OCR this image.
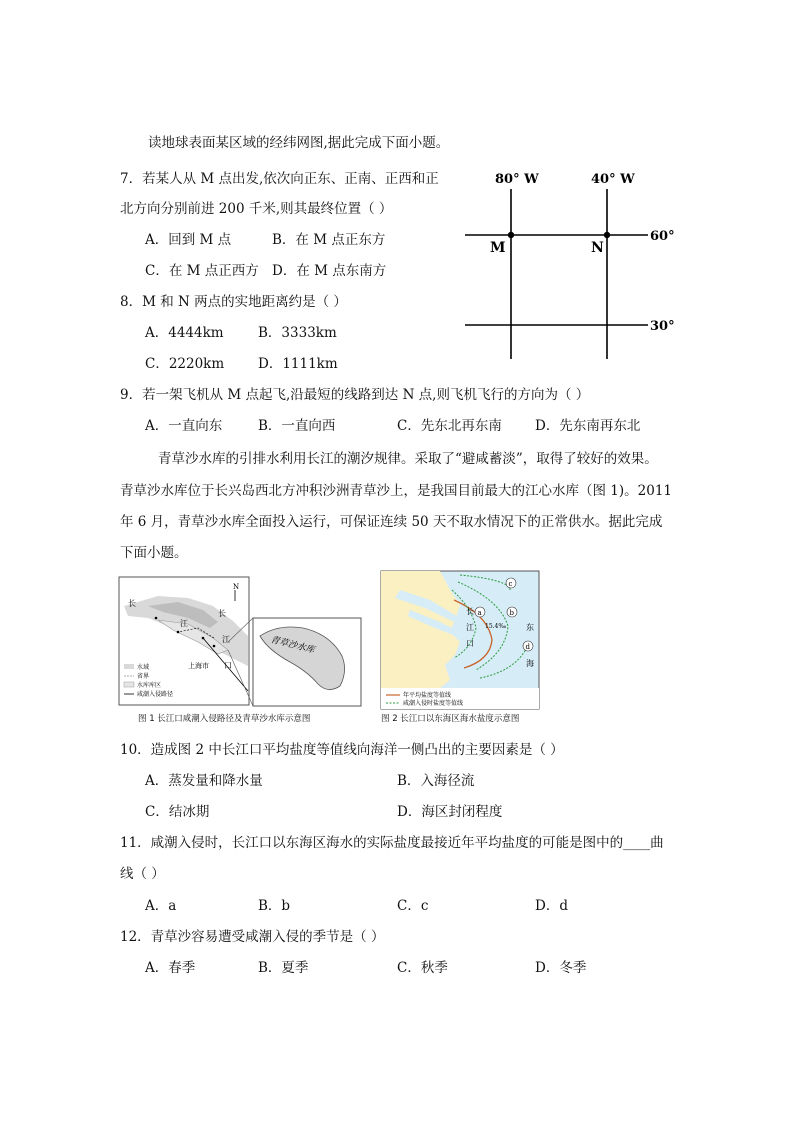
读地球表面某区域的经纬网图,据此完成下面小题。
7．若某人从 M 点出发,依次向正东、正南、正西和正
北方向分别前进 200 千米,则其最终位置（ ）
A．回到 M 点	B．在 M 点正东方
C．在 M 点正西方 D．在 M 点东南方
8．M 和 N 两点的实地距离约是（ ）
A．4444km	B．3333km
C．2220km	D．1111km
80° W	40° W
M	N
60°
30°
9．若一架飞机从 M 点起飞,沿最短的线路到达 N 点,则飞机飞行的方向为（ ）
A．一直向东	B．一直向西	C．先东北再东南 D．先东南再东北
青草沙水库的引排水利用长江的潮汐规律。采取了“避咸蓄淡”，取得了较好的效果。
青草沙水库位于长兴岛西北方冲积沙洲青草沙上，是我国目前最大的江心水库（图 1)。2011
年 6 月，青草沙水库全面投入运行，可保证连续 50 天不取水情况下的正常供水。据此完成
下面小题。
N
长
江
长
江
上海市 口
水域
省界
水库库区
咸潮入侵路径
青草沙水库
图 1 长江口咸潮入侵路径及青草沙水库示意图
年平均盐度等值线
咸潮入侵时盐度等值线
长
江
口
15.4‰ 东
海
a	b
c
d
图 2 长江口以东海区海水盐度示意图
10．造成图 2 中长江口平均盐度等值线向海洋一侧凸出的主要因素是（ ）
A．蒸发量和降水量	B．入海径流
C．结冰期	D．海区封闭程度
11．咸潮入侵时，长江口以东海区海水的实际盐度最接近年平均盐度的可能是图中的____曲
线（ ）
A．a	B．b	C．c	D．d
12．青草沙容易遭受咸潮入侵的季节是（ ）
A．春季	B．夏季	C．秋季	D．冬季
